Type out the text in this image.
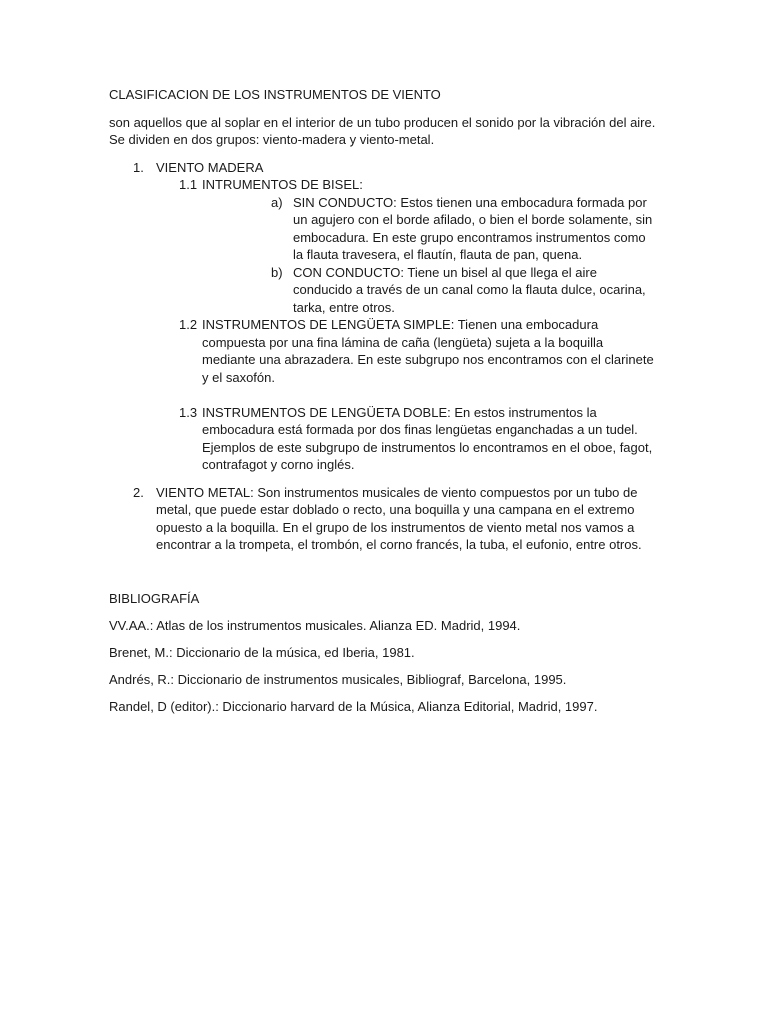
CLASIFICACION DE LOS INSTRUMENTOS DE VIENTO
son aquellos que al soplar en el interior de un tubo producen el sonido por la vibración del aire. Se dividen en dos grupos: viento-madera y viento-metal.
1. VIENTO MADERA
1.1 INTRUMENTOS DE BISEL:
a) SIN CONDUCTO: Estos tienen una embocadura formada por un agujero con el borde afilado, o bien el borde solamente, sin embocadura. En este grupo encontramos instrumentos como la flauta travesera, el flautín, flauta de pan, quena.
b) CON CONDUCTO: Tiene un bisel al que llega el aire conducido a través de un canal como la flauta dulce, ocarina, tarka, entre otros.
1.2 INSTRUMENTOS DE LENGÜETA SIMPLE: Tienen una embocadura compuesta por una fina lámina de caña (lengüeta) sujeta a la boquilla mediante una abrazadera. En este subgrupo nos encontramos con el clarinete y el saxofón.
1.3 INSTRUMENTOS DE LENGÜETA DOBLE: En estos instrumentos la embocadura está formada por dos finas lengüetas enganchadas a un tudel. Ejemplos de este subgrupo de instrumentos lo encontramos en el oboe, fagot, contrafagot y corno inglés.
2. VIENTO METAL: Son instrumentos musicales de viento compuestos por un tubo de metal, que puede estar doblado o recto, una boquilla y una campana en el extremo opuesto a la boquilla. En el grupo de los instrumentos de viento metal nos vamos a encontrar a la trompeta, el trombón, el corno francés, la tuba, el eufonio, entre otros.
BIBLIOGRAFÍA
VV.AA.: Atlas de los instrumentos musicales. Alianza ED. Madrid, 1994.
Brenet, M.: Diccionario de la música, ed Iberia, 1981.
Andrés, R.: Diccionario de instrumentos musicales, Bibliograf, Barcelona, 1995.
Randel, D (editor).: Diccionario harvard de la Música, Alianza Editorial, Madrid, 1997.
